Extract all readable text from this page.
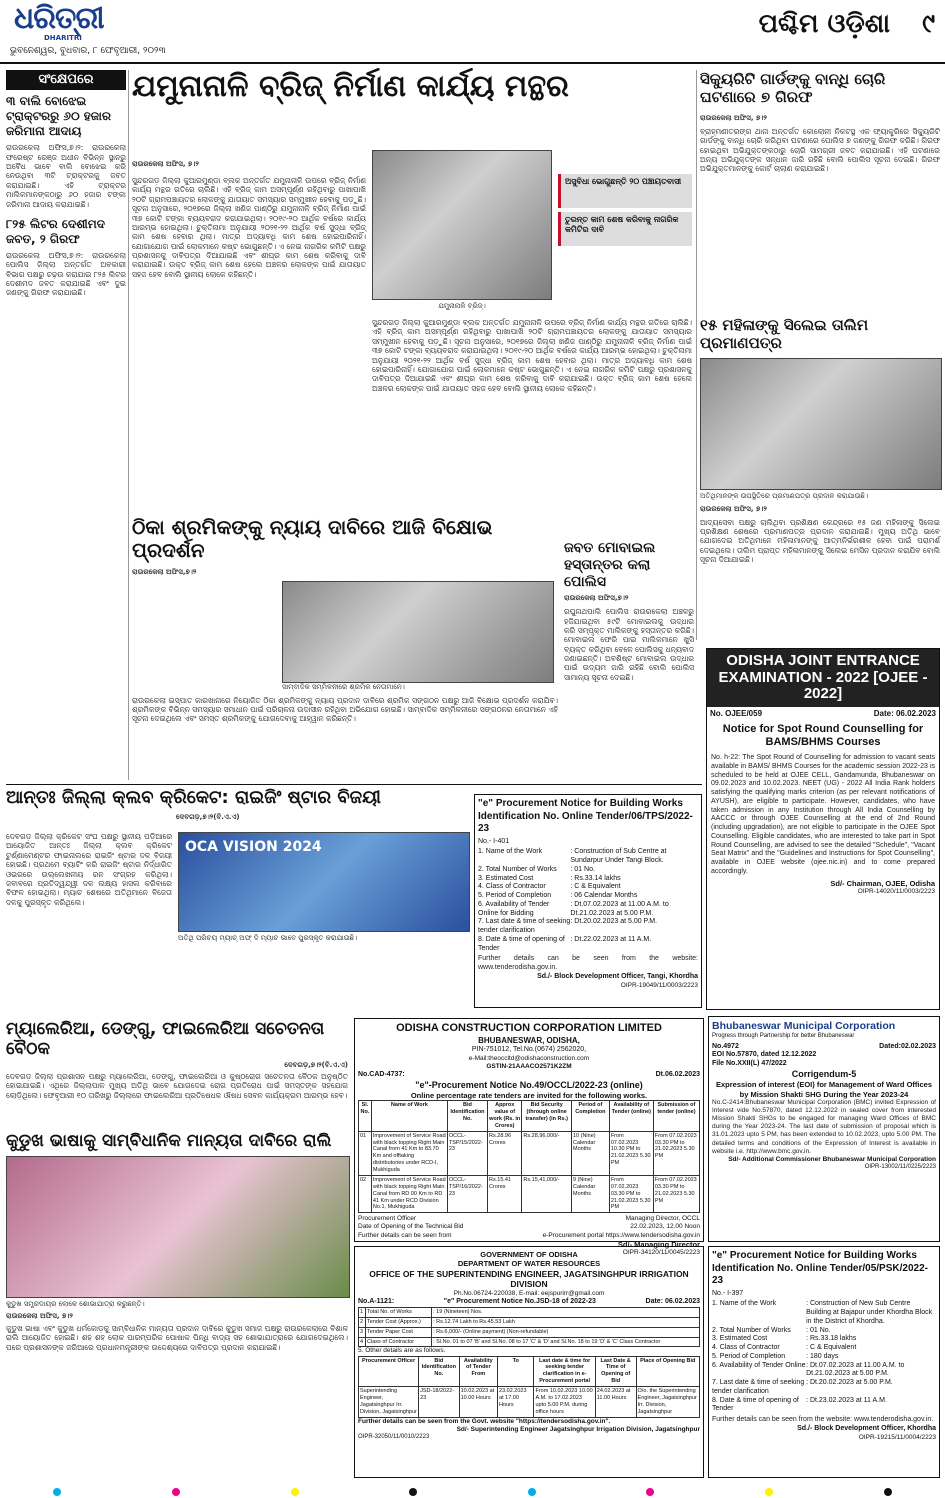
ଧରିତ୍ରୀ
DHARITRI
ଭୁବନେଶ୍ୱର, ବୁଧବାର, ୮ ଫେବୃଆରୀ, ୨୦୨୩
ପଶ୍ଚିମ ଓଡ଼ିଶା	୯
ସଂକ୍ଷେପରେ
୩ ବାଲି ବୋଝେଇ ଟ୍ରାକ୍ଟରରୁ ୬୦ ହଜାର ଜରିମାନା ଆଦାୟ
ରାଉରକେଲା ଅଫିସ,୭।୨: ରାଉରକେଲା ଫରେଷ୍ଟ ରେଞ୍ଜ ଅଧୀନ ବିଭିନ୍ନ ସ୍ଥାନରୁ ଅବୈଧ ଭାବେ ବାଲି ବୋଝେଇ କରି ନେଉଥିବା ୩ଟି ଟ୍ରାକ୍ଟରକୁ ଜବତ କରାଯାଇଛି। ଏହି ଟ୍ରାକ୍ଟର ମାଲିକମାନଙ୍କଠାରୁ ୬୦ ହଜାର ଟଙ୍କା ଜରିମାନା ଆଦାୟ କରାଯାଇଛି।
୮୨୫ ଲିଟର ଦେଶୀମଦ ଜବତ, ୨ ଗିରଫ
ରାଉରକେଲା ଅଫିସ,୭।୨: ରାଉରକେଲା ପୋଲିସ ଜିଲ୍ଲା ଅନ୍ତର୍ଗତ ଅବକାରୀ ବିଭାଗ ପକ୍ଷରୁ ଚଢ଼ଉ କରାଯାଇ ୮୨୫ ଲିଟର ଦେଶୀମଦ ଜବତ କରାଯାଇଛି ଏବଂ ଦୁଇ ଜଣଙ୍କୁ ଗିରଫ କରାଯାଇଛି।
ଯମୁନାନାଳି ବ୍ରିଜ୍ ନିର୍ମାଣ କାର୍ଯ୍ୟ ମନ୍ଥର
ରାଉରକେଲା ଅଫିସ, ୭।୨
ଯମୁନାନାଳି ବ୍ରିଜ୍।
ଅସୁବିଧା ଭୋଗୁଛନ୍ତି ୨୦ ପଞ୍ଚାୟତବାସୀ
ତୁରନ୍ତ କାମ ଶେଷ କରିବାକୁ ନାଗରିକ କମିଟିର ଦାବି
ସୁନ୍ଦରଗଡ଼ ଜିଲ୍ଲା କୁଆରମୁଣ୍ଡା ବ୍ଲକ ଅନ୍ତର୍ଗତ ଯମୁନାନାଳି ଉପରେ ବ୍ରିଜ୍ ନିର୍ମାଣ କାର୍ଯ୍ୟ ମନ୍ଥର ଗତିରେ ଚାଲିଛି। ଏହି ବ୍ରିଜ୍ କାମ ଅସମ୍ପୂର୍ଣ୍ଣ ରହିଥିବାରୁ ପାଖାପାଖି ୨୦ଟି ଗ୍ରାମପଞ୍ଚାୟତର ଲୋକଙ୍କୁ ଯାତାୟାତ ସମସ୍ୟାର ସମ୍ମୁଖୀନ ହେବାକୁ ପଡ଼ୁଛି। ସୂଚନା ଅନୁସାରେ, ୨୦୧୭ରେ ଜିଲ୍ଲା ଖଣିଜ ପାଣ୍ଠିରୁ ଯମୁନାନାଳି ବ୍ରିଜ୍ ନିର୍ମାଣ ପାଇଁ ୩୭ କୋଟି ଟଙ୍କା ବ୍ୟୟବରାଦ କରାଯାଇଥିଲା। ୨୦୧୯-୨୦ ଆର୍ଥିକ ବର୍ଷରେ କାର୍ଯ୍ୟ ଆରମ୍ଭ ହୋଇଥିଲା। ଚୁକ୍ତିନାମା ଅନୁଯାୟୀ ୨୦୨୧-୨୨ ଆର୍ଥିକ ବର୍ଷ ସୁଦ୍ଧା ବ୍ରିଜ୍ କାମ ଶେଷ ହେବାର ଥିଲା। ମାତ୍ର ଅଦ୍ୟାବଧି କାମ ଶେଷ ହୋଇପାରିନାହିଁ। ଯୋଗାଯୋଗ ପାଇଁ ଲୋକମାନେ କଷ୍ଟ ଭୋଗୁଛନ୍ତି। ଏ ନେଇ ନାଗରିକ କମିଟି ପକ୍ଷରୁ ପ୍ରଶାସନକୁ ଦାବିପତ୍ର ଦିଆଯାଇଛି ଏବଂ ଶୀଘ୍ର କାମ ଶେଷ କରିବାକୁ ଦାବି କରାଯାଇଛି। ଉକ୍ତ ବ୍ରିଜ୍ କାମ ଶେଷ ହେଲେ ଅଞ୍ଚଳର ଲୋକଙ୍କ ପାଇଁ ଯାତାୟାତ ସହଜ ହେବ ବୋଲି ସ୍ଥାନୀୟ ଲୋକେ କହିଛନ୍ତି।
ସୁନ୍ଦରଗଡ଼ ଜିଲ୍ଲା କୁଆରମୁଣ୍ଡା ବ୍ଲକ ଅନ୍ତର୍ଗତ ଯମୁନାନାଳି ଉପରେ ବ୍ରିଜ୍ ନିର୍ମାଣ କାର୍ଯ୍ୟ ମନ୍ଥର ଗତିରେ ଚାଲିଛି। ଏହି ବ୍ରିଜ୍ କାମ ଅସମ୍ପୂର୍ଣ୍ଣ ରହିଥିବାରୁ ପାଖାପାଖି ୨୦ଟି ଗ୍ରାମପଞ୍ଚାୟତର ଲୋକଙ୍କୁ ଯାତାୟାତ ସମସ୍ୟାର ସମ୍ମୁଖୀନ ହେବାକୁ ପଡ଼ୁଛି। ସୂଚନା ଅନୁସାରେ, ୨୦୧୭ରେ ଜିଲ୍ଲା ଖଣିଜ ପାଣ୍ଠିରୁ ଯମୁନାନାଳି ବ୍ରିଜ୍ ନିର୍ମାଣ ପାଇଁ ୩୭ କୋଟି ଟଙ୍କା ବ୍ୟୟବରାଦ କରାଯାଇଥିଲା। ୨୦୧୯-୨୦ ଆର୍ଥିକ ବର୍ଷରେ କାର୍ଯ୍ୟ ଆରମ୍ଭ ହୋଇଥିଲା। ଚୁକ୍ତିନାମା ଅନୁଯାୟୀ ୨୦୨୧-୨୨ ଆର୍ଥିକ ବର୍ଷ ସୁଦ୍ଧା ବ୍ରିଜ୍ କାମ ଶେଷ ହେବାର ଥିଲା। ମାତ୍ର ଅଦ୍ୟାବଧି କାମ ଶେଷ ହୋଇପାରିନାହିଁ। ଯୋଗାଯୋଗ ପାଇଁ ଲୋକମାନେ କଷ୍ଟ ଭୋଗୁଛନ୍ତି। ଏ ନେଇ ନାଗରିକ କମିଟି ପକ୍ଷରୁ ପ୍ରଶାସନକୁ ଦାବିପତ୍ର ଦିଆଯାଇଛି ଏବଂ ଶୀଘ୍ର କାମ ଶେଷ କରିବାକୁ ଦାବି କରାଯାଇଛି। ଉକ୍ତ ବ୍ରିଜ୍ କାମ ଶେଷ ହେଲେ ଅଞ୍ଚଳର ଲୋକଙ୍କ ପାଇଁ ଯାତାୟାତ ସହଜ ହେବ ବୋଲି ସ୍ଥାନୀୟ ଲୋକେ କହିଛନ୍ତି।
ସିକ୍ୟୁରିଟି ଗାର୍ଡଙ୍କୁ ବାନ୍ଧି ଚୋରି ଘଟଣାରେ ୭ ଗିରଫ
ରାଉରକେଲା ଅଫିସ, ୭।୨
ବ୍ରାହ୍ମଣୀତରଙ୍ଗ ଥାନା ଅନ୍ତର୍ଗତ କୋଲୋନୀ ନିକଟସ୍ଥ ଏକ ଫ୍ୟାକ୍ଟ୍ରିରେ ସିକ୍ୟୁରିଟି ଗାର୍ଡଙ୍କୁ ବାନ୍ଧି ଚୋରି କରିଥିବା ଘଟଣାରେ ପୋଲିସ ୭ ଜଣଙ୍କୁ ଗିରଫ କରିଛି। ଗିରଫ ହୋଇଥିବା ଅଭିଯୁକ୍ତଙ୍କଠାରୁ ଚୋରି ସାମଗ୍ରୀ ଜବତ କରାଯାଇଛି। ଏହି ଘଟଣାରେ ଅନ୍ୟ ଅଭିଯୁକ୍ତଙ୍କ ସନ୍ଧାନ ଜାରି ରହିଛି ବୋଲି ପୋଲିସ ସୂଚନା ଦେଇଛି। ଗିରଫ ଅଭିଯୁକ୍ତମାନଙ୍କୁ କୋର୍ଟ ଚାଲାଣ କରାଯାଇଛି।
୧୫ ମହିଳାଙ୍କୁ ସିଲେଇ ତାଲିମ ପ୍ରମାଣପତ୍ର
ଅତିଥିମାନଙ୍କ ଉପସ୍ଥିତିରେ ପ୍ରମାଣପତ୍ର ପ୍ରଦାନ କରାଯାଉଛି।
ରାଉରକେଲା ଅଫିସ, ୭।୨
ଆଦ୍ୟସେବା ପକ୍ଷରୁ ଚାଲିଥିବା ପ୍ରଶିକ୍ଷଣ କେନ୍ଦ୍ରରେ ୧୫ ଜଣ ମହିଳାଙ୍କୁ ସିଲେଇ ପ୍ରଶିକ୍ଷଣ ଶେଷରେ ପ୍ରମାଣପତ୍ର ପ୍ରଦାନ କରାଯାଇଛି। ମୁଖ୍ୟ ଅତିଥି ଭାବେ ଯୋଗଦେଇ ଅତିଥିମାନେ ମହିଳାମାନଙ୍କୁ ଆତ୍ମନିର୍ଭରଶୀଳ ହେବା ପାଇଁ ପରାମର୍ଶ ଦେଇଥିଲେ। ତାଲିମ ପ୍ରାପ୍ତ ମହିଳାମାନଙ୍କୁ ସିଲେଇ ମେସିନ ପ୍ରଦାନ କରାଯିବ ବୋଲି ସୂଚନା ଦିଆଯାଇଛି।
ଠିକା ଶ୍ରମିକଙ୍କୁ ନ୍ୟାୟ ଦାବିରେ ଆଜି ବିକ୍ଷୋଭ ପ୍ରଦର୍ଶନ
ରାଉରକେଲା ଅଫିସ,୭।୨
ସାମ୍ବାଦିକ ସମ୍ମିଳନୀରେ ଶ୍ରମିକ ନେତାମାନେ।
ରାଉରକେଲା ଇସ୍ପାତ କାରଖାନାରେ ନିୟୋଜିତ ଠିକା ଶ୍ରମିକଙ୍କୁ ନ୍ୟାୟ ପ୍ରଦାନ ଦାବିରେ ଶ୍ରମିକ ସଙ୍ଗଠନ ପକ୍ଷରୁ ଆଜି ବିକ୍ଷୋଭ ପ୍ରଦର୍ଶନ କରାଯିବ। ଶ୍ରମିକଙ୍କ ବିଭିନ୍ନ ସମସ୍ୟାର ସମାଧାନ ପାଇଁ ପରିଚାଳନା ଉଦାସୀନ ରହିଥିବା ଅଭିଯୋଗ ହୋଇଛି। ସାମ୍ବାଦିକ ସମ୍ମିଳନୀରେ ସଙ୍ଗଠନର ନେତାମାନେ ଏହି ସୂଚନା ଦେଇଥିଲେ ଏବଂ ସମସ୍ତ ଶ୍ରମିକଙ୍କୁ ଯୋଗଦେବାକୁ ଆହ୍ୱାନ କରିଛନ୍ତି।
ଜବତ ମୋବାଇଲ ହସ୍ତାନ୍ତର କଲା ପୋଲିସ
ରାଉରକେଲା ଅଫିସ,୭।୨
ରଘୁନାଥପାଲି ପୋଲିସ ରାଉରକେଲା ଅଞ୍ଚଳରୁ ହଜିଯାଇଥିବା ୫୯ଟି ମୋବାଇଲକୁ ଉଦ୍ଧାର କରି ସମ୍ପୃକ୍ତ ମାଲିକଙ୍କୁ ହସ୍ତାନ୍ତର କରିଛି। ମୋବାଇଲ ଫେରି ପାଇ ମାଲିକମାନେ ଖୁସି ବ୍ୟକ୍ତ କରିଥିବା ବେଳେ ପୋଲିସକୁ ଧନ୍ୟବାଦ ଜଣାଇଛନ୍ତି। ଅବଶିଷ୍ଟ ମୋବାଇଲ ଉଦ୍ଧାର ପାଇଁ ଉଦ୍ୟମ ଜାରି ରହିଛି ବୋଲି ପୋଲିସ ସାମାନ୍ୟ ସୂଚନା ଦେଇଛି।
ODISHA JOINT ENTRANCE EXAMINATION - 2022 [OJEE - 2022]
No. OJEE/059	Date: 06.02.2023
Notice for Spot Round Counselling for BAMS/BHMS Courses
No. h-22: The Spot Round of Counselling for admission to vacant seats available in BAMS/ BHMS Courses for the academic session 2022-23 is scheduled to be held at OJEE CELL, Gandamunda, Bhubaneswar on 09.02.2023 and 10.02.2023. NEET (UG) - 2022 All India Rank holders satisfying the qualifying marks criterion (as per relevant notifications of AYUSH), are eligible to participate. However, candidates, who have taken admission in any Institution through All India Counselling by AACCC or through OJEE Counselling at the end of 2nd Round (including upgradation), are not eligible to participate in the OJEE Spot Counselling. Eligible candidates, who are interested to take part in Spot Round Counselling, are advised to see the detailed "Schedule", "Vacant Seat Matrix" and the "Guidelines and Instructions for Spot Counselling", available in OJEE website (ojee.nic.in) and to come prepared accordingly.
Sd/- Chairman, OJEE, Odisha
OIPR-14020/11/0003/2223
ଆନ୍ତଃ ଜିଲ୍ଲା କ୍ଲବ କ୍ରିକେଟ: ରାଇଜିଂ ଷ୍ଟାର ବିଜୟୀ
ଦେବଗଡ଼,୭।୨(ବି.ଏ.ଏ)
OCA VISION 2024
ଅତିଥି ପରିଚୟ ମ୍ୟାଚ୍ ଅଫ୍ ଦି ମ୍ୟାଚ ଭାବେ ପୁରସ୍କୃତ କରାଯାଉଛି।
ଦେବଗଡ଼ ଜିଲ୍ଲା କ୍ରିକେଟ ସଂଘ ପକ୍ଷରୁ ସ୍ଥାନୀୟ ପଡ଼ିଆରେ ଆୟୋଜିତ ଆନ୍ତଃ ଜିଲ୍ଲା କ୍ଲବ କ୍ରିକେଟ ଟୁର୍ଣ୍ଣାମେଣ୍ଟର ଫାଇନାଲରେ ରାଇଜିଂ ଷ୍ଟାର ଦଳ ବିଜୟୀ ହୋଇଛି। ପ୍ରଥମେ ବ୍ୟାଟିଂ କରି ରାଇଜିଂ ଷ୍ଟାର ନିର୍ଦ୍ଧାରିତ ଓଭରରେ ଉଲ୍ଲେଖନୀୟ ରନ ସଂଗ୍ରହ କରିଥିଲା। ଜବାବରେ ପ୍ରତିଦ୍ୱନ୍ଦ୍ୱୀ ଦଳ ଲକ୍ଷ୍ୟ ହାସଲ କରିବାରେ ବିଫଳ ହୋଇଥିଲା। ମ୍ୟାଚ ଶେଷରେ ଅତିଥିମାନେ ବିଜେତା ଦଳକୁ ପୁରସ୍କୃତ କରିଥିଲେ।
"e" Procurement Notice for Building Works Identification No. Online Tender/06/TPS/2022-23
No.- I-401
1. Name of the Work	: Construction of Sub Centre at Sundarpur Under Tangi Block.
2. Total Number of Works	: 01 No.
3. Estimated Cost	: Rs.33.14 lakhs
4. Class of Contractor	: C & Equivalent
5. Period of Completion	: 06 Calendar Months
6. Availability of Tender Online for Bidding
: Dt.07.02.2023 at 11.00 A.M. to Dt.21.02.2023 at 5.00 P.M.
7. Last date & time of seeking tender clarification
: Dt.20.02.2023 at 5.00 P.M.
8. Date & time of opening of Tender
: Dt.22.02.2023 at 11 A.M.
Further details can be seen from the website: www.tenderodisha.gov.in.
Sd./- Block Development Officer, Tangi, Khordha
OIPR-19049/11/0003/2223
ମ୍ୟାଲେରିଆ, ଡେଙ୍ଗୁ, ଫାଇଲେରିଆ ସଚେତନତା ବୈଠକ
ଦେବଗଡ଼,୭।୨(ବି.ଏ.ଏ)
ଦେବଗଡ଼ ଜିଲ୍ଲା ପ୍ରଶାସନ ପକ୍ଷରୁ ମ୍ୟାଲେରିଆ, ଡେଙ୍ଗୁ, ଫାଇଲେରିଆ ଓ କୁଷ୍ଠରୋଗ ସଚେତନତା ବୈଠକ ଅନୁଷ୍ଠିତ ହୋଇଯାଇଛି। ଏଥିରେ ଜିଲ୍ଲାପାଳ ମୁଖ୍ୟ ଅତିଥି ଭାବେ ଯୋଗଦେଇ ରୋଗ ପ୍ରତିରୋଧ ପାଇଁ ସମସ୍ତଙ୍କ ସହଯୋଗ ଲୋଡ଼ିଥିଲେ। ଫେବୃଆରୀ ୧୦ ତାରିଖରୁ ଜିଲ୍ଲାରେ ଫାଇଲେରିଆ ପ୍ରତିଷେଧକ ଔଷଧ ସେବନ କାର୍ଯ୍ୟକ୍ରମ ଆରମ୍ଭ ହେବ।
କୁଡୁଖ ଭାଷାକୁ ସାମ୍ବିଧାନିକ ମାନ୍ୟତା ଦାବିରେ ରାଲି
କୁଡୁଖ ସମ୍ପ୍ରଦାୟର ଲୋକେ ଶୋଭାଯାତ୍ରା କରୁଛନ୍ତି।
ରାଉରକେଲା ଅଫିସ, ୭।୨
କୁଡୁଖ ଭାଷା ଏବଂ କୁଡୁଖ ଧର୍ମକୋଡ଼କୁ ସାମ୍ବିଧାନିକ ମାନ୍ୟତା ପ୍ରଦାନ ଦାବିରେ କୁଡୁଖ ସମାଜ ପକ୍ଷରୁ ରାଉରକେଲାରେ ବିଶାଳ ରାଲି ଆୟୋଜିତ ହୋଇଛି। ଶହ ଶହ ଲୋକ ପାରମ୍ପରିକ ପୋଷାକ ପିନ୍ଧି ବାଦ୍ୟ ସହ ଶୋଭାଯାତ୍ରାରେ ଯୋଗଦେଇଥିଲେ। ପରେ ପ୍ରଶାସନଙ୍କ ଜରିଆରେ ପ୍ରଧାନମନ୍ତ୍ରୀଙ୍କ ଉଦ୍ଦେଶ୍ୟରେ ଦାବିପତ୍ର ପ୍ରଦାନ କରାଯାଇଛି।
ODISHA CONSTRUCTION CORPORATION LIMITED
BHUBANESWAR, ODISHA,
PIN-751012, Tel.No.(0674) 2562020,
e-Mail:theoccltd@odishaconstruction.com
GSTIN-21AAACO2571K2ZM
No.CAD-4737:	Dt.06.02.2023
"e"-Procurement Notice No.49/OCCL/2022-23 (online)
Online percentage rate tenders are invited for the following works.
Sl. No.	Name of Work	Bid Identification No.	Approx value of work (Rs. in Crores)	Bid Security (through online transfer) (in Rs.)	Period of Completion	Availability of Tender (online)	Submission of tender (online)
01	Improvement of Service Road with black topping Right Main Canal from 41 Km to 83.70 Km and offtaking distributories under RCD-I, Mukhiguda	OCCL-TSP/15/2022-23	Rs.28.96 Crores	Rs.28,96,000/-	10 (Nine) Calendar Months	From 07.02.2023 10.30 PM to 21.02.2023 5.30 PM	From 07.02.2023 03.30 PM to 21.02.2023 5.30 PM
02	Improvement of Service Road with black topping Right Main Canal from RD 00 Km to RD 41 Km under RCD Division No.1, Mukhiguda	OCCL-TSP/16/2022-23	Rs.15.41 Crores	Rs.15,41,000/-	9 (Nine) Calendar Months	From 07.02.2023 03.30 PM to 21.02.2023 5.30 PM	From 07.02.2023 03.30 PM to 21.02.2023 5.30 PM
Procurement Officer	Managing Director, OCCL
Date of Opening of the Technical Bid	22.02.2023, 12.00 Noon
Further details can be seen from	e-Procurement portal https://www.tendersodisha.gov.in
Sd/- Managing Director
OIPR-34120/11/0045/2223
Bhubaneswar Municipal Corporation
Progress through Partnership for better Bhubaneswar
No.4972	Dated:02.02.2023
EOI No.57870, dated 12.12.2022
File No.XXII(L) 47/2022
Corrigendum-5
Expression of interest (EOI) for Management of Ward Offices by Mission Shakti SHG During the Year 2023-24
No.C-2414:Bhubaneswar Municipal Corporation (BMC) invited Expression of Interest vide No.57870, dated 12.12.2022 in sealed cover from interested Mission Shakti SHGs to be engaged for managing Ward Offices of BMC during the Year 2023-24. The last date of submission of proposal which is 31.01.2023 upto 5 PM, has been extended to 10.02.2023, upto 5.00 PM. The detailed terms and conditions of the Expression of Interest is available in website i.e. http://www.bmc.gov.in.
Sd/- Additional Commissioner Bhubaneswar Municipal Corporation
OIPR-13002/11/0225/2223
GOVERNMENT OF ODISHA
DEPARTMENT OF WATER RESOURCES
OFFICE OF THE SUPERINTENDING ENGINEER, JAGATSINGHPUR IRRIGATION DIVISION
Ph.No.06724-220038, E-mail: eejspurirr@gmail.com
No.A-1121:	"e" Procurement Notice No.JSD-18 of 2022-23	Date: 06.02.2023
1	Total No. of Works	: 19 (Nineteen) Nos.
2	Tender Cost (Approx.)	: Rs.12.74 Lakh to Rs.45.53 Lakh
3	Tender Paper Cost	: Rs.6,000/- (Online payment) (Non-refundable)
4	Class of Contractor	: Sl.No. 01 to 07 'B' and Sl.No. 08 to 17 'C' & 'D' and Sl.No. 18 to 19 'D' & 'C' Class Contractor
5. Other details are as follows.
Procurement Officer	Bid Identification No.	Availability of Tender From	To	Last date & time for seeking tender clarification in e-Procurement portal	Last Date & Time of Opening of Bid	Place of Opening Bid
Superintending Engineer, Jagatsinghpur Irr. Division, Jagatsinghpur	JSD-18/2022-23	10.02.2023 at 10.00 Hours	23.02.2023 at 17.00 Hours	From 10.02.2023 10.00 A.M. to 17.02.2023 upto 5.00 P.M. during office hours	24.02.2023 at 11.00 Hours	O/o. the Superintending Engineer, Jagatsinghpur Irr. Division, Jagatsinghpur
Further details can be seen from the Govt. website "https://tendersodisha.gov.in".
Sd/- Superintending Engineer Jagatsinghpur Irrigation Division, Jagatsinghpur
OIPR-32050/11/0010/2223
"e" Procurement Notice for Building Works Identification No. Online Tender/05/PSK/2022-23
No.- I-397
1. Name of the Work	: Construction of New Sub Centre Building at Bajapur under Khordha Block in the District of Khordha.
2. Total Number of Works	: 01 No.
3. Estimated Cost	: Rs.33.18 lakhs
4. Class of Contractor	: C & Equivalent
5. Period of Completion	: 180 days
6. Availability of Tender Online : Dt.07.02.2023 at 11.00 A.M. to Dt.21.02.2023 at 5.00 P.M.
7. Last date & time of seeking tender clarification
: Dt.20.02.2023 at 5.00 P.M.
8. Date & time of opening of Tender
: Dt.23.02.2023 at 11 A.M.
Further details can be seen from the website: www.tenderodisha.gov.in.
Sd./- Block Development Officer, Khordha
OIPR-19215/11/0004/2223
